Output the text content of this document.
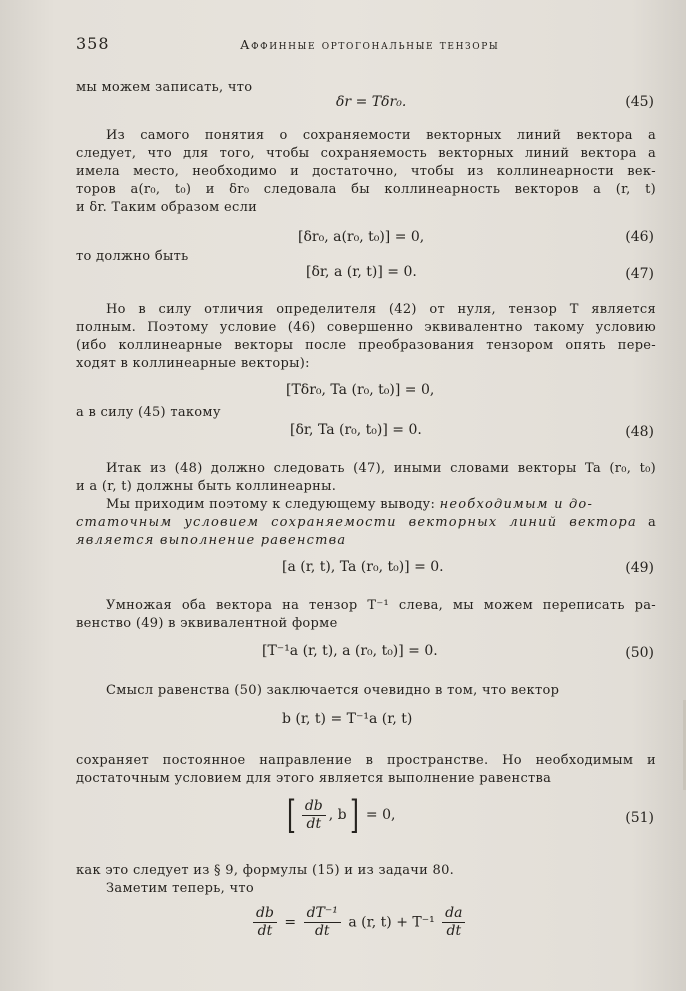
358	Аффинные ортогональные тензоры
мы можем записать, что
δr = Tδr₀.	(45)
Из самого понятия о сохраняемости векторных линий вектора a
следует, что для того, чтобы сохраняемость векторных линий вектора a
имела место, необходимо и достаточно, чтобы из коллинеарности век-
торов a(r₀, t₀) и δr₀ следовала бы коллинеарность векторов a (r, t)
и δr. Таким образом если
[δr₀, a(r₀, t₀)] = 0,	(46)
то должно быть
[δr, a (r, t)] = 0.	(47)
Но в силу отличия определителя (42) от нуля, тензор T является
полным. Поэтому условие (46) совершенно эквивалентно такому условию
(ибо коллинеарные векторы после преобразования тензором опять пере-
ходят в коллинеарные векторы):
[Tδr₀, Ta (r₀, t₀)] = 0,
а в силу (45) такому
[δr, Ta (r₀, t₀)] = 0.	(48)
Итак из (48) должно следовать (47), иными словами векторы Ta (r₀, t₀)
и a (r, t) должны быть коллинеарны.
Мы приходим поэтому к следующему выводу: необходимым и до-
статочным условием сохраняемости векторных линий вектора a
является выполнение равенства
[a (r, t), Ta (r₀, t₀)] = 0.	(49)
Умножая оба вектора на тензор T⁻¹ слева, мы можем переписать ра-
венство (49) в эквивалентной форме
[T⁻¹a (r, t), a (r₀, t₀)] = 0.	(50)
Смысл равенства (50) заключается очевидно в том, что вектор
b (r, t) = T⁻¹a (r, t)
сохраняет постоянное направление в пространстве. Но необходимым и
достаточным условием для этого является выполнение равенства
[ $\frac{db}{dt}$ , b] = 0,	(51)
как это следует из § 9, формулы (15) и из задачи 80.
Заметим теперь, что
$\frac{db}{dt} = \frac{\text{dT⁻¹}}{dt}$ a (r, $t) + T^{-1} \frac{da}{dt}$
